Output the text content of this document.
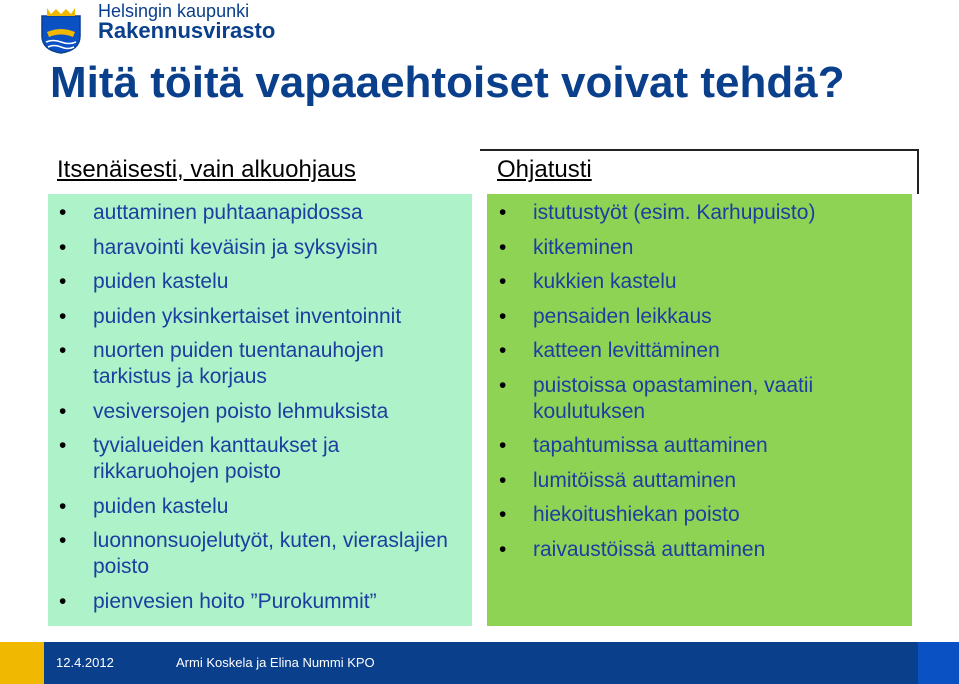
Helsingin kaupunki
Rakennusvirasto
Mitä töitä vapaaehtoiset voivat tehdä?
Itsenäisesti, vain alkuohjaus	Ohjatusti
• auttaminen puhtaanapidossa
• haravointi keväisin ja syksyisin
• puiden kastelu
• puiden yksinkertaiset inventoinnit
• nuorten puiden tuentanauhojen tarkistus ja korjaus
• vesiversojen poisto lehmuksista
• tyvialueiden kanttaukset ja rikkaruohojen poisto
• puiden kastelu
• luonnonsuojelutyöt, kuten, vieraslajien poisto
• pienvesien hoito ”Purokummit”
• istutustyöt (esim. Karhupuisto)
• kitkeminen
• kukkien kastelu
• pensaiden leikkaus
• katteen levittäminen
• puistoissa opastaminen, vaatii koulutuksen
• tapahtumissa auttaminen
• lumitöissä auttaminen
• hiekoitushiekan poisto
• raivaustöissä auttaminen
12.4.2012	Armi Koskela ja Elina Nummi KPO
